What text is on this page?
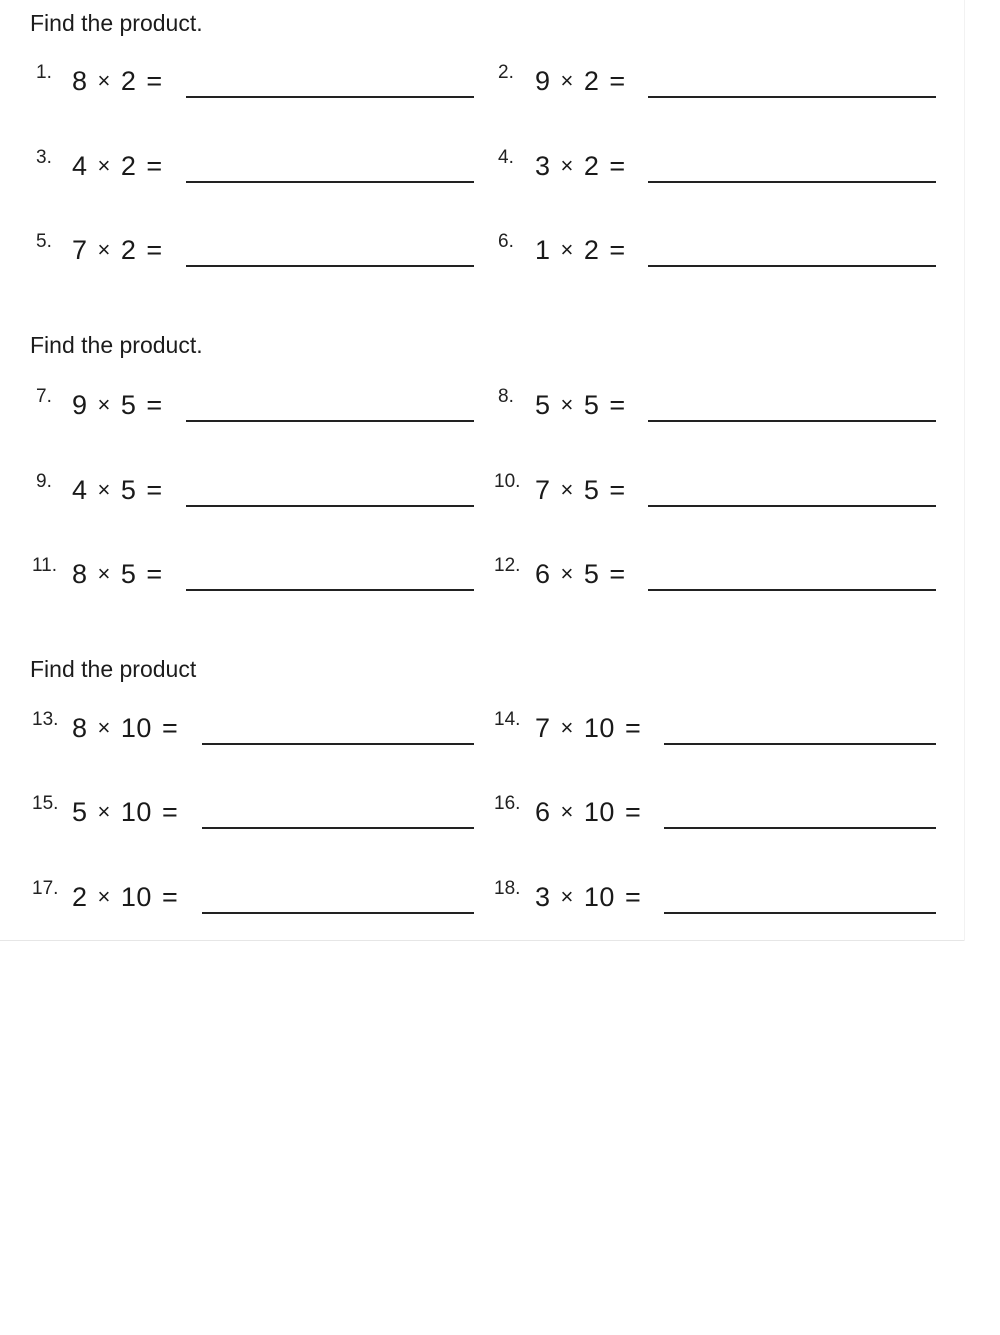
Find the product.
1. 8 × 2 =	2. 9 × 2 =
3. 4 × 2 =	4. 3 × 2 =
5. 7 × 2 =	6. 1 × 2 =
Find the product.
7. 9 × 5 =	8. 5 × 5 =
9. 4 × 5 =	10. 7 × 5 =
11. 8 × 5 =	12. 6 × 5 =
Find the product
13. 8 × 10 =	14. 7 × 10 =
15. 5 × 10 =	16. 6 × 10 =
17. 2 × 10 =	18. 3 × 10 =
